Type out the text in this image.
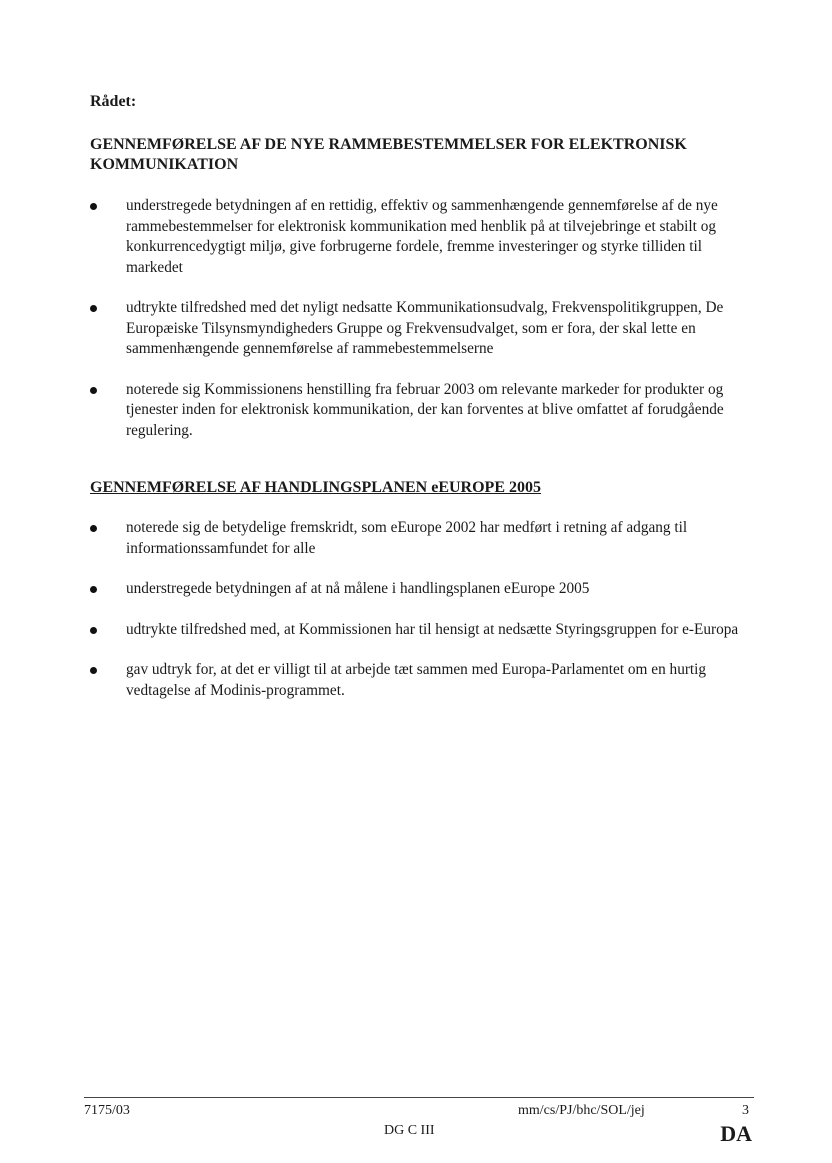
Rådet:
GENNEMFØRELSE AF DE NYE RAMMEBESTEMMELSER FOR ELEKTRONISK KOMMUNIKATION
understregede betydningen af en rettidig, effektiv og sammenhængende gennemførelse af de nye rammebestemmelser for elektronisk kommunikation med henblik på at tilvejebringe et stabilt og konkurrencedygtigt miljø, give forbrugerne fordele, fremme investeringer og styrke tilliden til markedet
udtrykte tilfredshed med det nyligt nedsatte Kommunikationsudvalg, Frekvenspolitikgruppen, De Europæiske Tilsynsmyndigheders Gruppe og Frekvensudvalget, som er fora, der skal lette en sammenhængende gennemførelse af rammebestemmelserne
noterede sig Kommissionens henstilling fra februar 2003 om relevante markeder for produkter og tjenester inden for elektronisk kommunikation, der kan forventes at blive omfattet af forudgående regulering.
GENNEMFØRELSE AF HANDLINGSPLANEN eEUROPE 2005
noterede sig de betydelige fremskridt, som eEurope 2002 har medført i retning af adgang til informationssamfundet for alle
understregede betydningen af at nå målene i handlingsplanen eEurope 2005
udtrykte tilfredshed med, at Kommissionen har til hensigt at nedsætte Styringsgruppen for e-Europa
gav udtryk for, at det er villigt til at arbejde tæt sammen med Europa-Parlamentet om en hurtig vedtagelse af Modinis-programmet.
7175/03	mm/cs/PJ/bhc/SOL/jej	3
DG C III	DA
